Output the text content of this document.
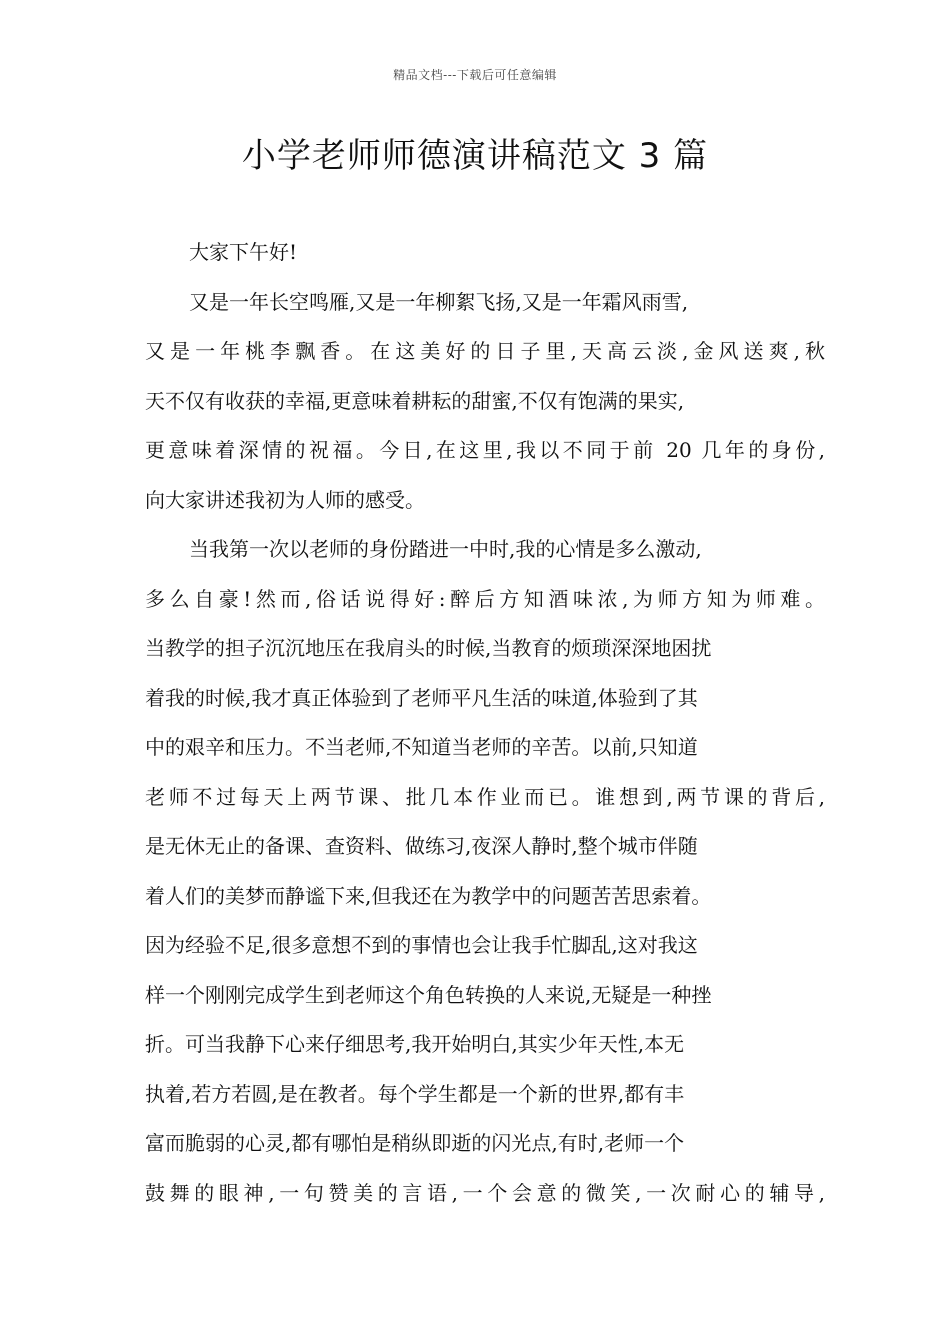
精品文档---下载后可任意编辑
小学老师师德演讲稿范文 3 篇
大家下午好!
又是一年长空鸣雁,又是一年柳絮飞扬,又是一年霜风雨雪,
又是一年桃李飘香。在这美好的日子里,天高云淡,金风送爽,秋
天不仅有收获的幸福,更意味着耕耘的甜蜜,不仅有饱满的果实,
更意味着深情的祝福。今日,在这里,我以不同于前 20 几年的身份,
向大家讲述我初为人师的感受。
当我第一次以老师的身份踏进一中时,我的心情是多么激动,
多么自豪!然而,俗话说得好:醉后方知酒味浓,为师方知为师难。
当教学的担子沉沉地压在我肩头的时候,当教育的烦琐深深地困扰
着我的时候,我才真正体验到了老师平凡生活的味道,体验到了其
中的艰辛和压力。不当老师,不知道当老师的辛苦。以前,只知道
老师不过每天上两节课、批几本作业而已。谁想到,两节课的背后,
是无休无止的备课、查资料、做练习,夜深人静时,整个城市伴随
着人们的美梦而静谧下来,但我还在为教学中的问题苦苦思索着。
因为经验不足,很多意想不到的事情也会让我手忙脚乱,这对我这
样一个刚刚完成学生到老师这个角色转换的人来说,无疑是一种挫
折。可当我静下心来仔细思考,我开始明白,其实少年天性,本无
执着,若方若圆,是在教者。每个学生都是一个新的世界,都有丰
富而脆弱的心灵,都有哪怕是稍纵即逝的闪光点,有时,老师一个
鼓舞的眼神,一句赞美的言语,一个会意的微笑,一次耐心的辅导,
